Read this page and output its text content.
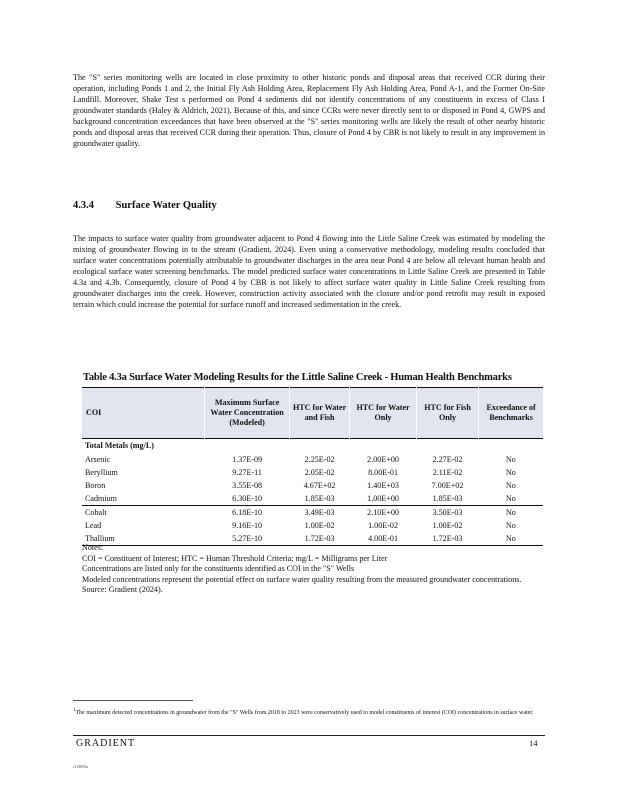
The "S" series monitoring wells are located in close proximity to other historic ponds and disposal areas that received CCR during their operation, including Ponds 1 and 2, the Initial Fly Ash Holding Area, Replacement Fly Ash Holding Area, Pond A-1, and the Former On-Site Landfill. Moreover, Shake Test s performed on Pond 4 sediments did not identify concentrations of any constituents in excess of Class I groundwater standards (Haley & Aldrich, 2021). Because of this, and since CCRs were never directly sent to or disposed in Pond 4, GWPS and background concentration exceedances that have been observed at the "S" series monitoring wells are likely the result of other nearby historic ponds and disposal areas that received CCR during their operation. Thus, closure of Pond 4 by CBR is not likely to result in any improvement in groundwater quality.

4.3.4 Surface Water Quality

The impacts to surface water quality from groundwater adjacent to Pond 4 flowing into the Little Saline Creek was estimated by modeling the mixing of groundwater flowing in to the stream (Gradient, 2024). Even using a conservative methodology, modeling results concluded that surface water concentrations potentially attributable to groundwater discharges in the area near Pond 4 are below all relevant human health and ecological surface water screening benchmarks. The model predicted surface water concentrations in Little Saline Creek are presented in Table 4.3a and 4.3b. Consequently, closure of Pond 4 by CBR is not likely to affect surface water quality in Little Saline Creek resulting from groundwater discharges into the creek. However, construction activity associated with the closure and/or pond retrofit may result in exposed terrain which could increase the potential for surface runoff and increased sedimentation in the creek.

Table 4.3a Surface Water Modeling Results for the Little Saline Creek - Human Health Benchmarks
COI	Maximum Surface Water Concentration (Modeled)	HTC for Water and Fish	HTC for Water Only	HTC for Fish Only	Exceedance of Benchmarks
Total Metals (mg/L)					
Arsenic	1.37E-09	2.25E-02	2.00E+00	2.27E-02	No
Beryllium	9.27E-11	2.05E-02	8.00E-01	2.11E-02	No
Boron	3.55E-08	4.67E+02	1.40E+03	7.00E+02	No
Cadmium	6.30E-10	1.85E-03	1.00E+00	1.85E-03	No
Cobalt	6.18E-10	3.49E-03	2.10E+00	3.50E-03	No
Lead	9.16E-10	1.00E-02	1.00E-02	1.00E-02	No
Thallium	5.27E-10	1.72E-03	4.00E-01	1.72E-03	No

Notes:

COI = Constituent of Interest; HTC = Human Threshold Criteria; mg/L = Milligrams per Liter

Concentrations are listed only for the constituents identified as COI in the "S" Wells

Modeled concentrations represent the potential effect on surface water quality resulting from the measured groundwater concentrations.

Source: Gradient (2024).

$^1$The maximum detected concentrations in groundwater from the "S" Wells from 2018 to 2023 were conservatively used to model constituents of interest (COI) concentrations in surface water.
GRADIENT	14
r12009a
